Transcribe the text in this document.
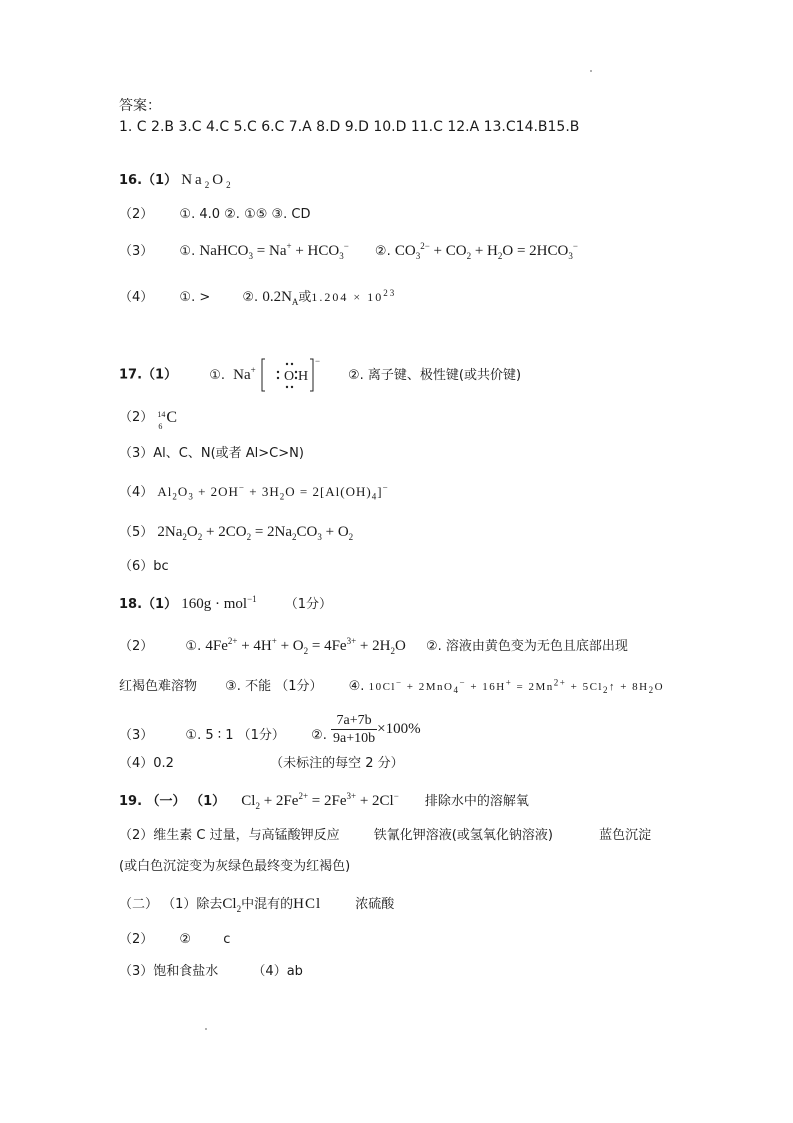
答案：
1. C 2.B 3.C 4.C 5.C 6.C 7.A 8.D 9.D 10.D 11.C 12.A 13.C14.B15.B
16.（1） $Na_2O_2$
（2） ①. 4.0 ②. ①⑤ ③. CD
（3） ①. NaHCO$_3$ = $Na^+ + HCO_3^-$ ②. $CO_3^{2-} + CO_2 + H_2O = 2HCO_3^-$
（4） ①. > ②. $0.2N_A$或$1.204 \times 10^{23}$
17.（1） ①. Na+ O H
−
②. 离子键、极性键(或共价键)
（2） 14
6
C
（3）Al、C、N(或者 Al>C>N)
（4） $Al_2O_3 + 2OH^- + 3H_2O = 2[Al(OH)_4]^-$
（5） $2Na_2O_2 + 2CO_2 = 2Na_2CO_3 + O_2$
（6）bc
18.（1） 160g · mol$^{-1}$ （1分）
（2） ①. $4Fe^{2+} + 4H^+ + O_2 = 4Fe^{3+} + 2H_2O$ ②. 溶液由黄色变为无色且底部出现
红褐色难溶物 ③. 不能 （1分） ④. $10Cl^- + 2MnO_4^- + 16H^+ = 2Mn^{2+}$ + $5Cl_2↑ + 8H_2O$
（3） ①. 5 ∶ 1 （1分） ②. $\frac{7a+7b}{9a+10b} \times 100\%$
（4）0.2	（未标注的每空 2 分）
19. （一） （1） $Cl_2 + 2Fe^{2+} = 2Fe^{3+} + 2Cl^-$ 排除水中的溶解氧
（2）维生素 C 过量，与高锰酸钾反应	铁氰化钾溶液(或氢氧化钠溶液)	蓝色沉淀
(或白色沉淀变为灰绿色最终变为红褐色)
（二） （1）除去$Cl_2$中混有的HCl	浓硫酸
（2） ② c
（3）饱和食盐水	（4）ab
